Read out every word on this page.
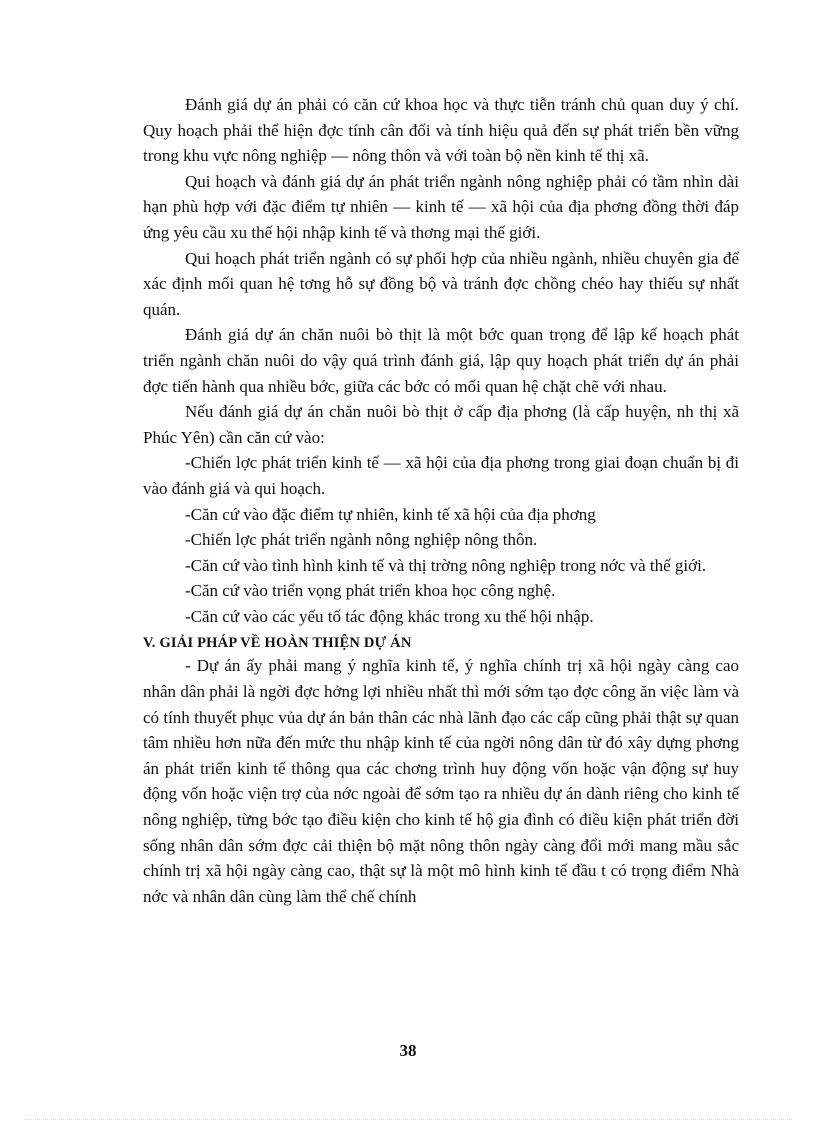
Đánh giá dự án phải có căn cứ khoa học và thực tiễn tránh chủ quan duy ý chí. Quy hoạch phải thể hiện đợc tính cân đối và tính hiệu quả đến sự phát triển bền vững trong khu vực nông nghiệp — nông thôn và với toàn bộ nền kinh tế thị xã.

Qui hoạch và đánh giá dự án phát triển ngành nông nghiệp phải có tầm nhìn dài hạn phù hợp với đặc điểm tự nhiên — kinh tế — xã hội của địa phơng đồng thời đáp ứng yêu cầu xu thế hội nhập kinh tế và thơng mại thế giới.

Qui hoạch phát triển ngành có sự phối hợp của nhiều ngành, nhiều chuyên gia để xác định mối quan hệ tơng hỗ sự đồng bộ và tránh đợc chồng chéo hay thiếu sự nhất quán.

Đánh giá dự án chăn nuôi bò thịt là một bớc quan trọng để lập kế hoạch phát triển ngành chăn nuôi do vậy quá trình đánh giá, lập quy hoạch phát triển dự án phải đợc tiến hành qua nhiều bớc, giữa các bớc có mối quan hệ chặt chẽ với nhau.

Nếu đánh giá dự án chăn nuôi bò thịt ở cấp địa phơng (là cấp huyện, nh thị xã Phúc Yên) cần căn cứ vào:

-Chiến lợc phát triển kinh tế — xã hội của địa phơng trong giai đoạn chuẩn bị đi vào đánh giá và qui hoạch.

-Căn cứ vào đặc điểm tự nhiên, kinh tế xã hội của địa phơng

-Chiến lợc phát triển ngành nông nghiệp nông thôn.

-Căn cứ vào tình hình kinh tế và thị trờng nông nghiệp trong nớc và thế giới.

-Căn cứ vào triển vọng phát triển khoa học công nghệ.

-Căn cứ vào các yếu tố tác động khác trong xu thế hội nhập.

V. GIẢI PHÁP VỀ HOÀN THIỆN DỰ ÁN

- Dự án ấy phải mang ý nghĩa kinh tế, ý nghĩa chính trị xã hội ngày càng cao nhân dân phải là ngời đợc hởng lợi nhiều nhất thì mới sớm tạo đợc công ăn việc làm và có tính thuyết phục vủa dự án bản thân các nhà lãnh đạo các cấp cũng phải thật sự quan tâm nhiều hơn nữa đến mức thu nhập kinh tế của ngời nông dân từ đó xây dựng phơng án phát triển kinh tế thông qua các chơng trình huy động vốn hoặc vận động sự huy động vốn hoặc viện trợ của nớc ngoài để sớm tạo ra nhiều dự án dành riêng cho kinh tế nông nghiệp, từng bớc tạo điều kiện cho kinh tế hộ gia đình có điều kiện phát triển đời sống nhân dân sớm đợc cải thiện bộ mặt nông thôn ngày càng đổi mới mang mầu sắc chính trị xã hội ngày càng cao, thật sự là một mô hình kinh tế đầu t có trọng điểm Nhà nớc và nhân dân cùng làm thể chế chính

38
